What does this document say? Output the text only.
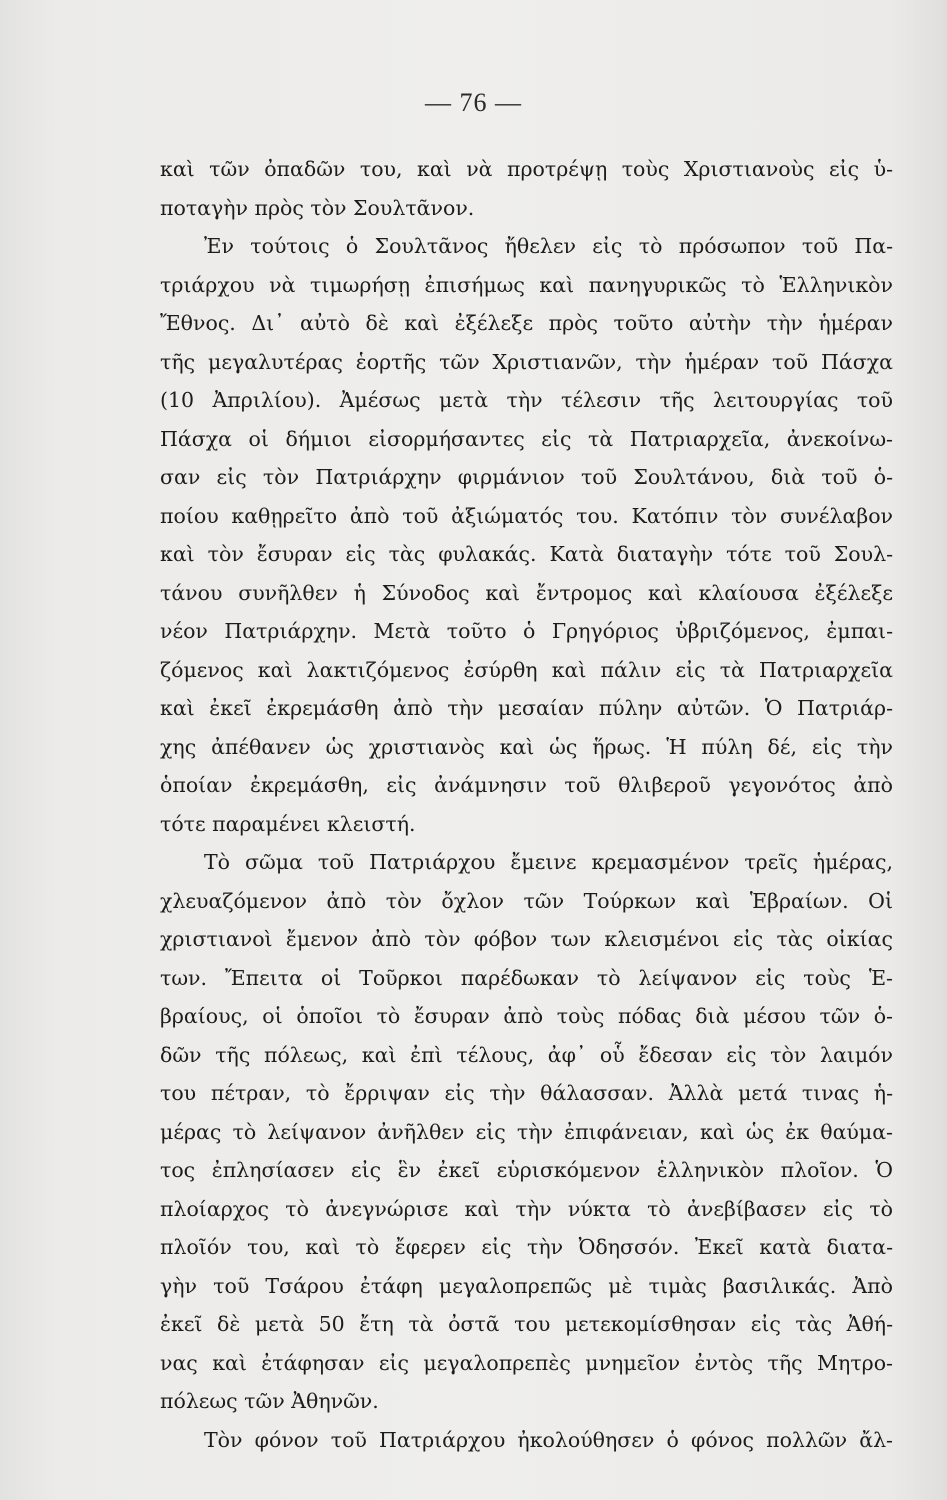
— 76 —
καὶ τῶν ὀπαδῶν του, καὶ νὰ προτρέψῃ τοὺς Χριστιανοὺς εἰς ὑ-
ποταγὴν πρὸς τὸν Σουλτᾶνον.
Ἐν τούτοις ὁ Σουλτᾶνος ἤθελεν εἰς τὸ πρόσωπον τοῦ Πα-
τριάρχου νὰ τιμωρήσῃ ἐπισήμως καὶ πανηγυρικῶς τὸ Ἑλληνικὸν
Ἔθνος. Δι᾽ αὐτὸ δὲ καὶ ἐξέλεξε πρὸς τοῦτο αὐτὴν τὴν ἡμέραν
τῆς μεγαλυτέρας ἑορτῆς τῶν Χριστιανῶν, τὴν ἡμέραν τοῦ Πάσχα
(10 Ἀπριλίου). Ἀμέσως μετὰ τὴν τέλεσιν τῆς λειτουργίας τοῦ
Πάσχα οἱ δήμιοι εἰσορμήσαντες εἰς τὰ Πατριαρχεῖα, ἀνεκοίνω-
σαν εἰς τὸν Πατριάρχην φιρμάνιον τοῦ Σουλτάνου, διὰ τοῦ ὁ-
ποίου καθῃρεῖτο ἀπὸ τοῦ ἀξιώματός του. Κατόπιν τὸν συνέλαβον
καὶ τὸν ἔσυραν εἰς τὰς φυλακάς. Κατὰ διαταγὴν τότε τοῦ Σουλ-
τάνου συνῆλθεν ἡ Σύνοδος καὶ ἔντρομος καὶ κλαίουσα ἐξέλεξε
νέον Πατριάρχην. Μετὰ τοῦτο ὁ Γρηγόριος ὑβριζόμενος, ἐμπαι-
ζόμενος καὶ λακτιζόμενος ἐσύρθη καὶ πάλιν εἰς τὰ Πατριαρχεῖα
καὶ ἐκεῖ ἐκρεμάσθη ἀπὸ τὴν μεσαίαν πύλην αὐτῶν. Ὁ Πατριάρ-
χης ἀπέθανεν ὡς χριστιανὸς καὶ ὡς ἥρως. Ἡ πύλη δέ, εἰς τὴν
ὁποίαν ἐκρεμάσθη, εἰς ἀνάμνησιν τοῦ θλιβεροῦ γεγονότος ἀπὸ
τότε παραμένει κλειστή.
Τὸ σῶμα τοῦ Πατριάρχου ἔμεινε κρεμασμένον τρεῖς ἡμέρας,
χλευαζόμενον ἀπὸ τὸν ὄχλον τῶν Τούρκων καὶ Ἑβραίων. Οἱ
χριστιανοὶ ἔμενον ἀπὸ τὸν φόβον των κλεισμένοι εἰς τὰς οἰκίας
των. Ἔπειτα οἱ Τοῦρκοι παρέδωκαν τὸ λείψανον εἰς τοὺς Ἑ-
βραίους, οἱ ὁποῖοι τὸ ἔσυραν ἀπὸ τοὺς πόδας διὰ μέσου τῶν ὁ-
δῶν τῆς πόλεως, καὶ ἐπὶ τέλους, ἀφ᾽ οὗ ἔδεσαν εἰς τὸν λαιμόν
του πέτραν, τὸ ἔρριψαν εἰς τὴν θάλασσαν. Ἀλλὰ μετά τινας ἡ-
μέρας τὸ λείψανον ἀνῆλθεν εἰς τὴν ἐπιφάνειαν, καὶ ὡς ἐκ θαύμα-
τος ἐπλησίασεν εἰς ἓν ἐκεῖ εὑρισκόμενον ἑλληνικὸν πλοῖον. Ὁ
πλοίαρχος τὸ ἀνεγνώρισε καὶ τὴν νύκτα τὸ ἀνεβίβασεν εἰς τὸ
πλοῖόν του, καὶ τὸ ἔφερεν εἰς τὴν Ὀδησσόν. Ἐκεῖ κατὰ διατα-
γὴν τοῦ Τσάρου ἐτάφη μεγαλοπρεπῶς μὲ τιμὰς βασιλικάς. Ἀπὸ
ἐκεῖ δὲ μετὰ 50 ἔτη τὰ ὀστᾶ του μετεκομίσθησαν εἰς τὰς Ἀθή-
νας καὶ ἐτάφησαν εἰς μεγαλοπρεπὲς μνημεῖον ἐντὸς τῆς Μητρο-
πόλεως τῶν Ἀθηνῶν.
Τὸν φόνον τοῦ Πατριάρχου ἠκολούθησεν ὁ φόνος πολλῶν ἄλ-
